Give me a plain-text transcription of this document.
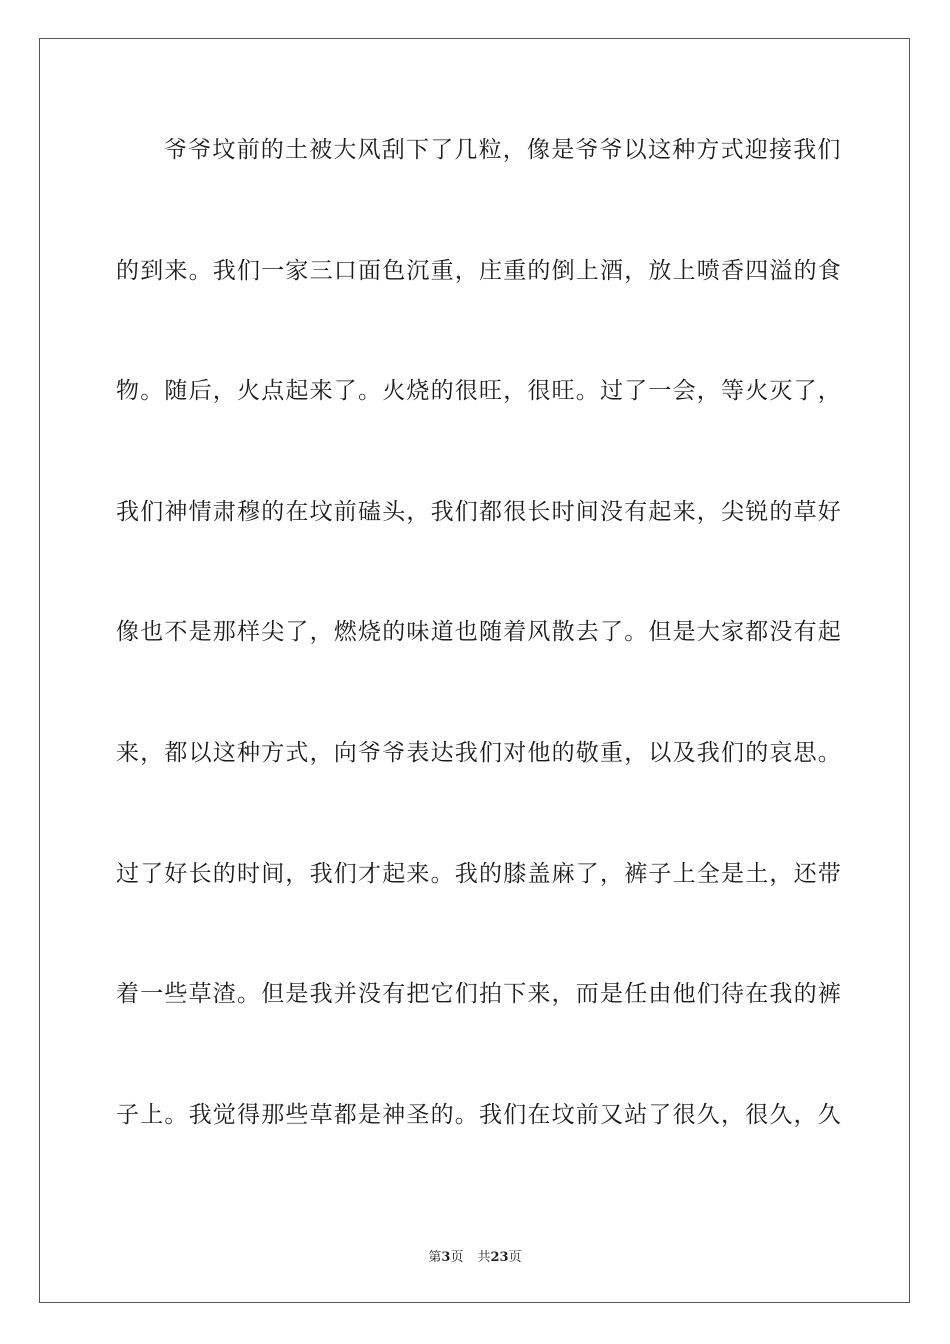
爷爷坟前的土被大风刮下了几粒，像是爷爷以这种方式迎接我们
的到来。我们一家三口面色沉重，庄重的倒上酒，放上喷香四溢的食
物。随后，火点起来了。火烧的很旺，很旺。过了一会，等火灭了，
我们神情肃穆的在坟前磕头，我们都很长时间没有起来，尖锐的草好
像也不是那样尖了，燃烧的味道也随着风散去了。但是大家都没有起
来，都以这种方式，向爷爷表达我们对他的敬重，以及我们的哀思。
过了好长的时间，我们才起来。我的膝盖麻了，裤子上全是土，还带
着一些草渣。但是我并没有把它们拍下来，而是任由他们待在我的裤
子上。我觉得那些草都是神圣的。我们在坟前又站了很久，很久，久
第3页 共23页
